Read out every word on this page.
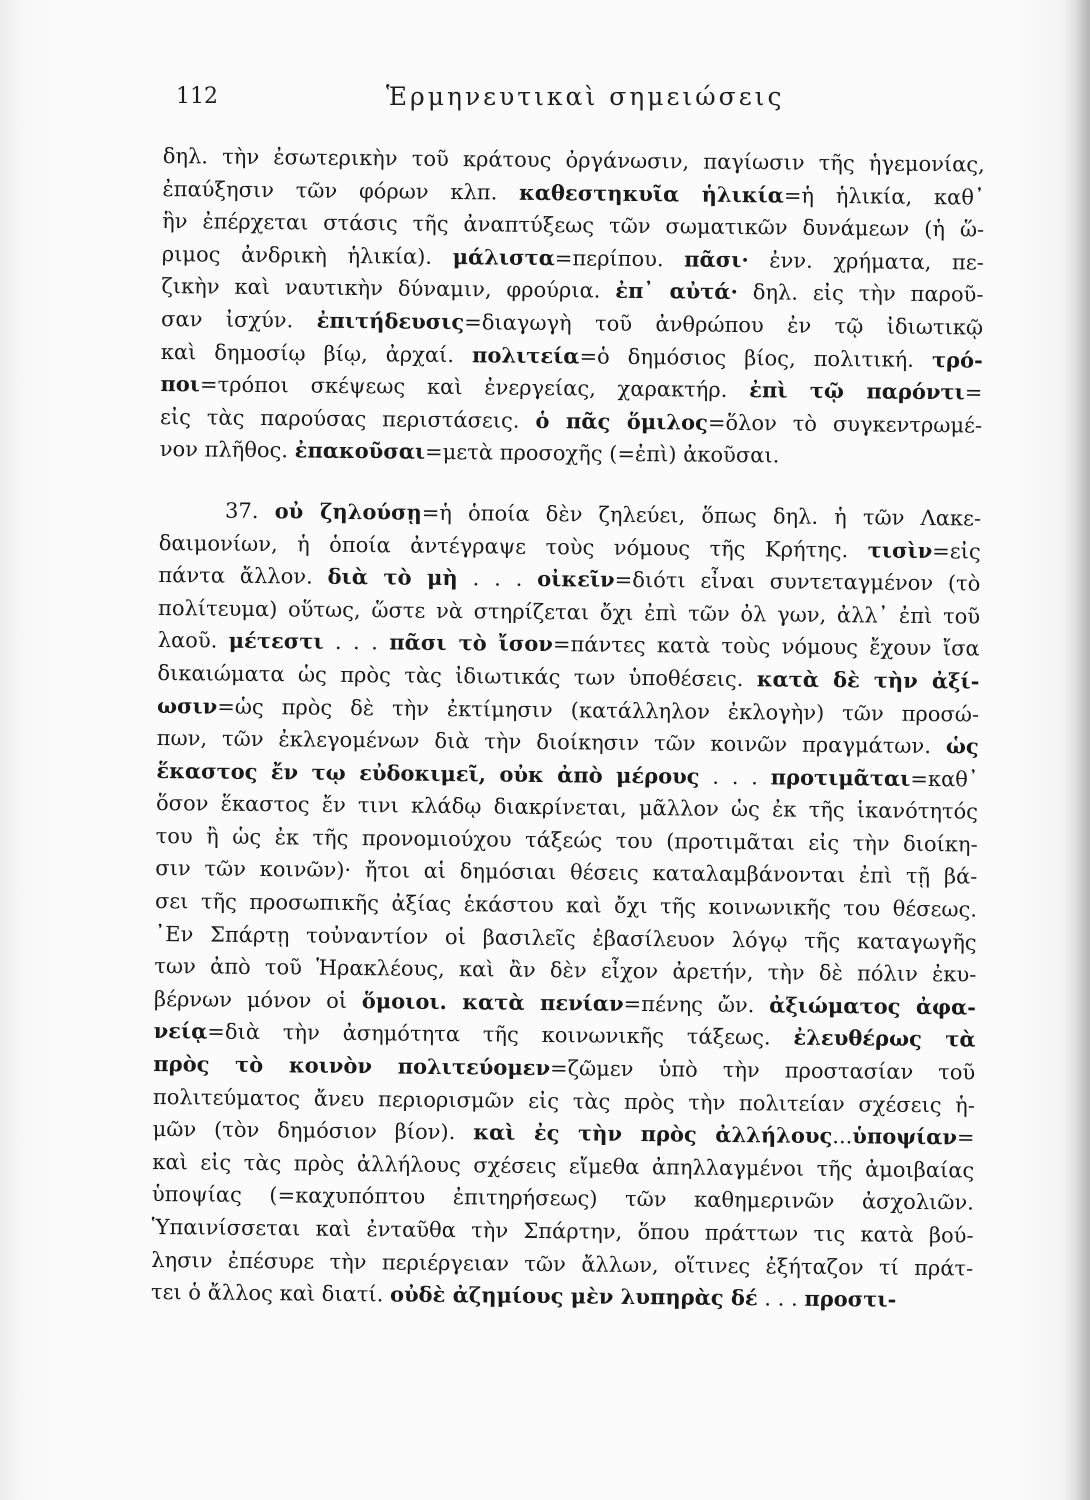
112	Ἑρμηνευτικαὶ σημειώσεις

δηλ. τὴν ἐσωτερικὴν τοῦ κράτους ὀργάνωσιν, παγίωσιν τῆς ἡγεμονίας,
ἐπαύξησιν τῶν φόρων κλπ. καθεστηκυῖα ἡλικία=ἡ ἡλικία, καθ᾽
ἣν ἐπέρχεται στάσις τῆς ἀναπτύξεως τῶν σωματικῶν δυνάμεων (ἡ ὥ-
ριμος ἀνδρικὴ ἡλικία). μάλιστα=περίπου. πᾶσι· ἐνν. χρήματα, πε-
ζικὴν καὶ ναυτικὴν δύναμιν, φρούρια. ἐπ᾽ αὐτά· δηλ. εἰς τὴν παροῦ-
σαν ἰσχύν. ἐπιτήδευσις=διαγωγὴ τοῦ ἀνθρώπου ἐν τῷ ἰδιωτικῷ
καὶ δημοσίῳ βίῳ, ἀρχαί. πολιτεία=ὁ δημόσιος βίος, πολιτική. τρό-
ποι=τρόποι σκέψεως καὶ ἐνεργείας, χαρακτήρ. ἐπὶ τῷ παρόντι=
εἰς τὰς παρούσας περιστάσεις. ὁ πᾶς ὅμιλος=ὅλον τὸ συγκεντρωμέ-
νον πλῆθος. ἐπακοῦσαι=μετὰ προσοχῆς (=ἐπὶ) ἀκοῦσαι.

37. οὐ ζηλούσῃ=ἡ ὁποία δὲν ζηλεύει, ὅπως δηλ. ἡ τῶν Λακε-
δαιμονίων, ἡ ὁποία ἀντέγραψε τοὺς νόμους τῆς Κρήτης. τισὶν=εἰς
πάντα ἄλλον. διὰ τὸ μὴ . . . οἰκεῖν=διότι εἶναι συντεταγμένον (τὸ
πολίτευμα) οὕτως, ὥστε νὰ στηρίζεται ὄχι ἐπὶ τῶν ὀλ γων, ἀλλ᾽ ἐπὶ τοῦ
λαοῦ. μέτεστι . . . πᾶσι τὸ ἴσον=πάντες κατὰ τοὺς νόμους ἔχουν ἴσα
δικαιώματα ὡς πρὸς τὰς ἰδιωτικάς των ὑποθέσεις. κατὰ δὲ τὴν ἀξί-
ωσιν=ὡς πρὸς δὲ τὴν ἐκτίμησιν (κατάλληλον ἐκλογὴν) τῶν προσώ-
πων, τῶν ἐκλεγομένων διὰ τὴν διοίκησιν τῶν κοινῶν πραγμάτων. ὡς
ἕκαστος ἔν τῳ εὐδοκιμεῖ, οὐκ ἀπὸ μέρους . . . προτιμᾶται=καθ᾽
ὅσον ἕκαστος ἔν τινι κλάδῳ διακρίνεται, μᾶλλον ὡς ἐκ τῆς ἱκανότητός
του ἢ ὡς ἐκ τῆς προνομιούχου τάξεώς του (προτιμᾶται εἰς τὴν διοίκη-
σιν τῶν κοινῶν)· ἤτοι αἱ δημόσιαι θέσεις καταλαμβάνονται ἐπὶ τῇ βά-
σει τῆς προσωπικῆς ἀξίας ἑκάστου καὶ ὄχι τῆς κοινωνικῆς του θέσεως.
᾽Εν Σπάρτῃ τοὐναντίον οἱ βασιλεῖς ἐβασίλευον λόγῳ τῆς καταγωγῆς
των ἀπὸ τοῦ Ἡρακλέους, καὶ ἂν δὲν εἶχον ἀρετήν, τὴν δὲ πόλιν ἐκυ-
βέρνων μόνον οἱ ὅμοιοι. κατὰ πενίαν=πένης ὤν. ἀξιώματος ἀφα-
νείᾳ=διὰ τὴν ἀσημότητα τῆς κοινωνικῆς τάξεως. ἐλευθέρως τὰ
πρὸς τὸ κοινὸν πολιτεύομεν=ζῶμεν ὑπὸ τὴν προστασίαν τοῦ
πολιτεύματος ἄνευ περιορισμῶν εἰς τὰς πρὸς τὴν πολιτείαν σχέσεις ἡ-
μῶν (τὸν δημόσιον βίον). καὶ ἐς τὴν πρὸς ἀλλήλους...ὑποψίαν=
καὶ εἰς τὰς πρὸς ἀλλήλους σχέσεις εἴμεθα ἀπηλλαγμένοι τῆς ἀμοιβαίας
ὑποψίας (=καχυπόπτου ἐπιτηρήσεως) τῶν καθημερινῶν ἀσχολιῶν.
Ὑπαινίσσεται καὶ ἐνταῦθα τὴν Σπάρτην, ὅπου πράττων τις κατὰ βού-
λησιν ἐπέσυρε τὴν περιέργειαν τῶν ἄλλων, οἵτινες ἐξήταζον τί πράτ-
τει ὁ ἄλλος καὶ διατί. οὐδὲ ἀζημίους μὲν λυπηρὰς δέ . . . προστι-
